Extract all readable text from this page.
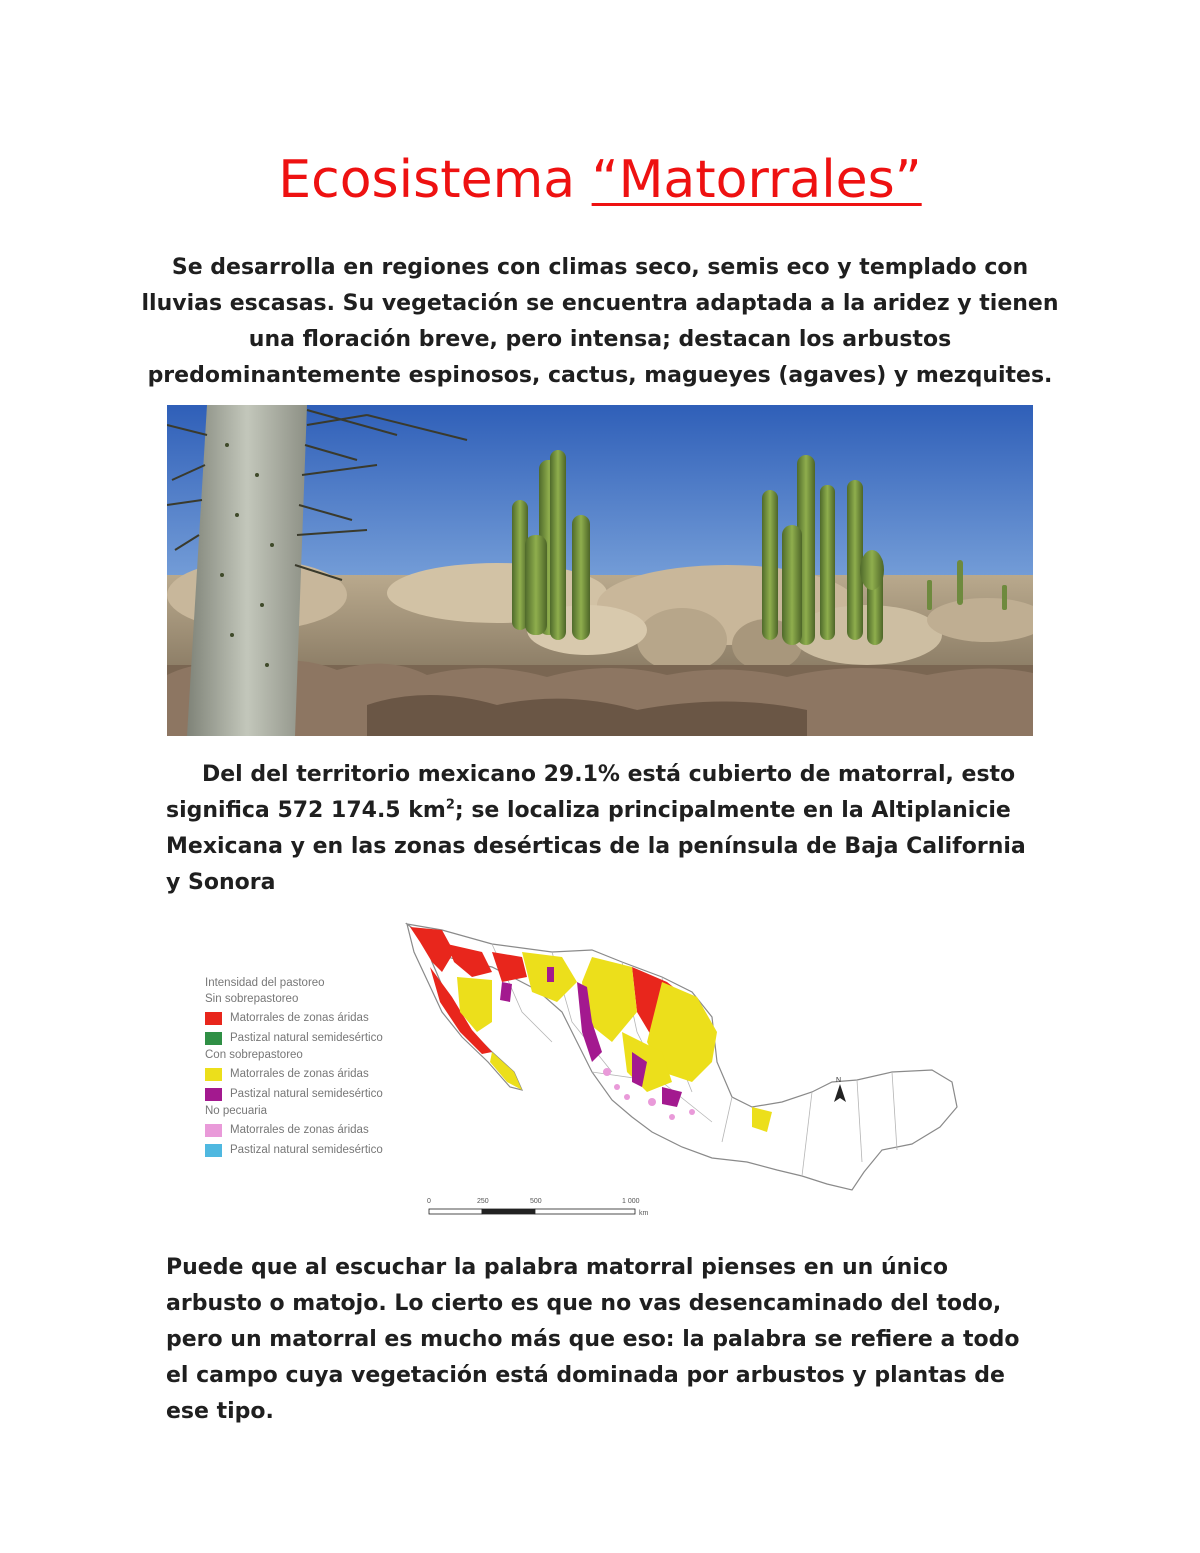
Ecosistema “Matorrales”
Se desarrolla en regiones con climas seco, semis eco y templado con lluvias escasas. Su vegetación se encuentra adaptada a la aridez y tienen una floración breve, pero intensa; destacan los arbustos predominantemente espinosos, cactus, magueyes (agaves) y mezquites.
Del del territorio mexicano 29.1% está cubierto de matorral, esto significa 572 174.5 $km^2$; se localiza principalmente en la Altiplanicie Mexicana y en las zonas desérticas de la península de Baja California y Sonora
N
0	250	500	1 000
km
Intensidad del pastoreo
Sin sobrepastoreo
Matorrales de zonas áridas
Pastizal natural semidesértico
Con sobrepastoreo
Matorrales de zonas áridas
Pastizal natural semidesértico
No pecuaria
Matorrales de zonas áridas
Pastizal natural semidesértico
Puede que al escuchar la palabra matorral pienses en un único arbusto o matojo. Lo cierto es que no vas desencaminado del todo, pero un matorral es mucho más que eso: la palabra se refiere a todo el campo cuya vegetación está dominada por arbustos y plantas de ese tipo.
